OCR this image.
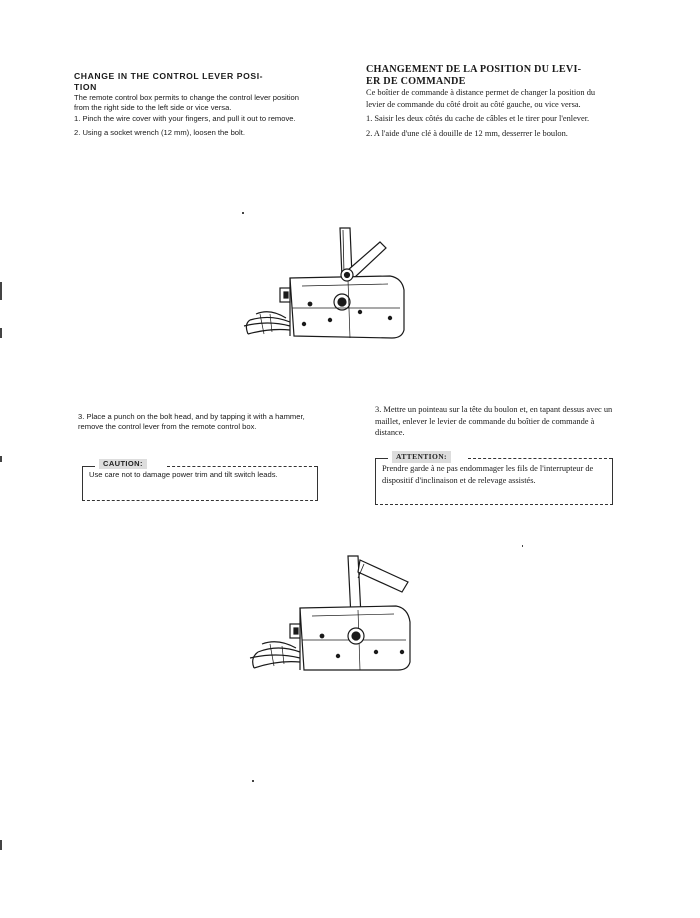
CHANGE IN THE CONTROL LEVER POSI-
TION

The remote control box permits to change the control lever position from the right side to the left side or vice versa.

1. Pinch the wire cover with your fingers, and pull it out to remove.

2. Using a socket wrench (12 mm), loosen the bolt.

CHANGEMENT DE LA POSITION DU LEVI-
ER DE COMMANDE

Ce boîtier de commande à distance permet de changer la position du levier de commande du côté droit au côté gauche, ou vice versa.

1. Saisir les deux côtés du cache de câbles et le tirer pour l'enlever.

2. A l'aide d'une clé à douille de 12 mm, desserrer le boulon.

3. Place a punch on the bolt head, and by tapping it with a hammer, remove the control lever from the remote control box.

CAUTION:

Use care not to damage power trim and tilt switch leads.

3. Mettre un pointeau sur la tête du boulon et, en tapant dessus avec un maillet, enlever le levier de commande du boîtier de commande à distance.

ATTENTION:

Prendre garde à ne pas endommager les fils de l'interrupteur de dispositif d'inclinaison et de relevage assistés.
